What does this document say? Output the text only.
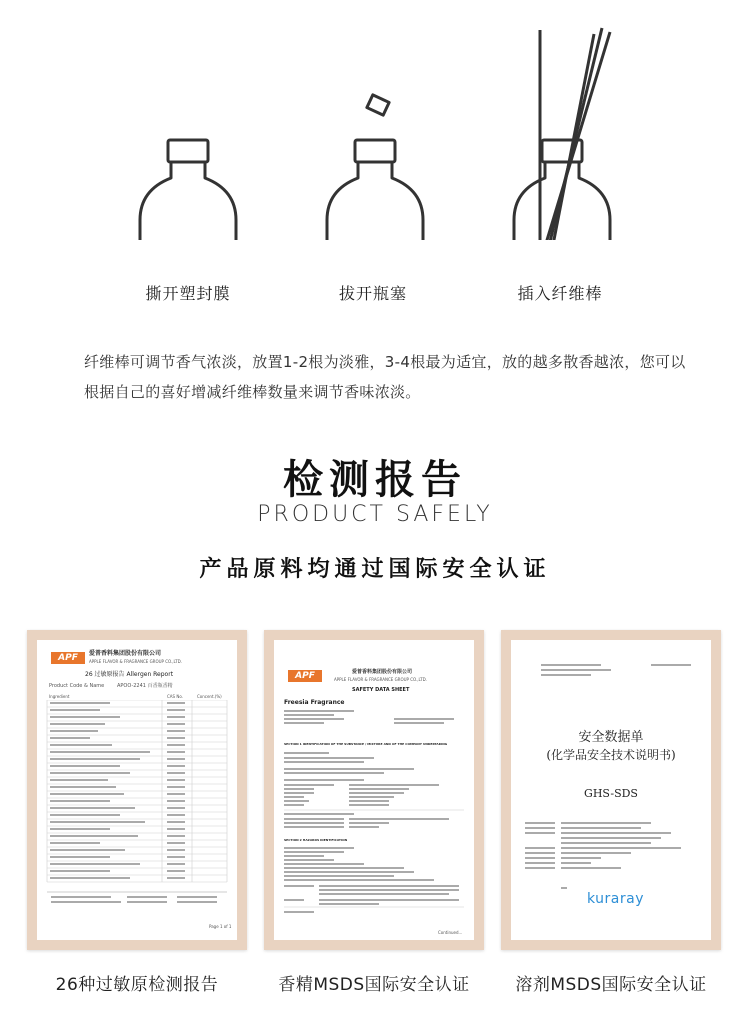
撕开塑封膜	拔开瓶塞	插入纤维棒
纤维棒可调节香气浓淡，放置1-2根为淡雅，3-4根最为适宜，放的越多散香越浓，您可以根据自己的喜好增减纤维棒数量来调节香味浓淡。
检测报告
PRODUCT SAFELY
产品原料均通过国际安全认证
APF	爱普香料集团股份有限公司
APPLE FLAVOR & FRAGRANCE GROUP CO.,LTD.
26 过敏原报告 Allergen Report
Product Code & Name	APOO-2241 百香瓶香精
Ingredient	CAS No.	Concent.(%)
Page 1 of 1
APF	爱普香料集团股份有限公司
APPLE FLAVOR & FRAGRANCE GROUP CO.,LTD.
SAFETY DATA SHEET
Freesia Fragrance
SECTION 1 IDENTIFICATION OF THE SUBSTANCE / MIXTURE AND OF THE COMPANY UNDERTAKING
SECTION 2 HAZARDS IDENTIFICATION
Continued...
安全数据单
(化学品安全技术说明书)
GHS-SDS
kuraray
26种过敏原检测报告	香精MSDS国际安全认证	溶剂MSDS国际安全认证
